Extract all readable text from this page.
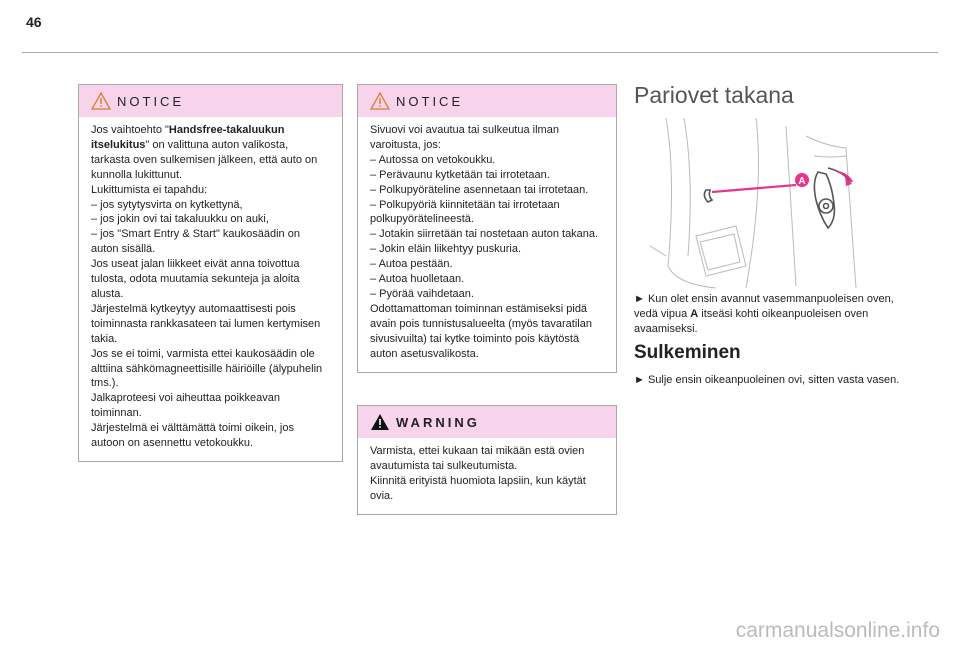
46
NOTICE

Jos vaihtoehto "Handsfree-takaluukun itselukitus" on valittuna auton valikosta, tarkasta oven sulkemisen jälkeen, että auto on kunnolla lukittunut.

Lukittumista ei tapahdu:

– jos sytytysvirta on kytkettynä,

– jos jokin ovi tai takaluukku on auki,

– jos "Smart Entry & Start" kaukosäädin on auton sisällä.

Jos useat jalan liikkeet eivät anna toivottua tulosta, odota muutamia sekunteja ja aloita alusta.

Järjestelmä kytkeytyy automaattisesti pois toiminnasta rankkasateen tai lumen kertymisen takia.

Jos se ei toimi, varmista ettei kaukosäädin ole alttiina sähkömagneettisille häiriöille (älypuhelin tms.).

Jalkaproteesi voi aiheuttaa poikkeavan toiminnan.

Järjestelmä ei välttämättä toimi oikein, jos autoon on asennettu vetokoukku.

NOTICE

Sivuovi voi avautua tai sulkeutua ilman varoitusta, jos:

– Autossa on vetokoukku.

– Perävaunu kytketään tai irrotetaan.

– Polkupyöräteline asennetaan tai irrotetaan.

– Polkupyöriä kiinnitetään tai irrotetaan polkupyörätelineestä.

– Jotakin siirretään tai nostetaan auton takana.

– Jokin eläin liikehtyy puskuria.

– Autoa pestään.

– Autoa huolletaan.

– Pyörää vaihdetaan.

Odottamattoman toiminnan estämiseksi pidä avain pois tunnistusalueelta (myös tavaratilan sivusivuilta) tai kytke toiminto pois käytöstä auton asetusvalikosta.

WARNING

Varmista, ettei kukaan tai mikään estä ovien avautumista tai sulkeutumista.

Kiinnitä erityistä huomiota lapsiin, kun käytät ovia.

Pariovet takana
A
► Kun olet ensin avannut vasemmanpuoleisen oven, vedä vipua A itseäsi kohti oikeanpuoleisen oven avaamiseksi.
Sulkeminen
► Sulje ensin oikeanpuoleinen ovi, sitten vasta vasen.
carmanualsonline.info
